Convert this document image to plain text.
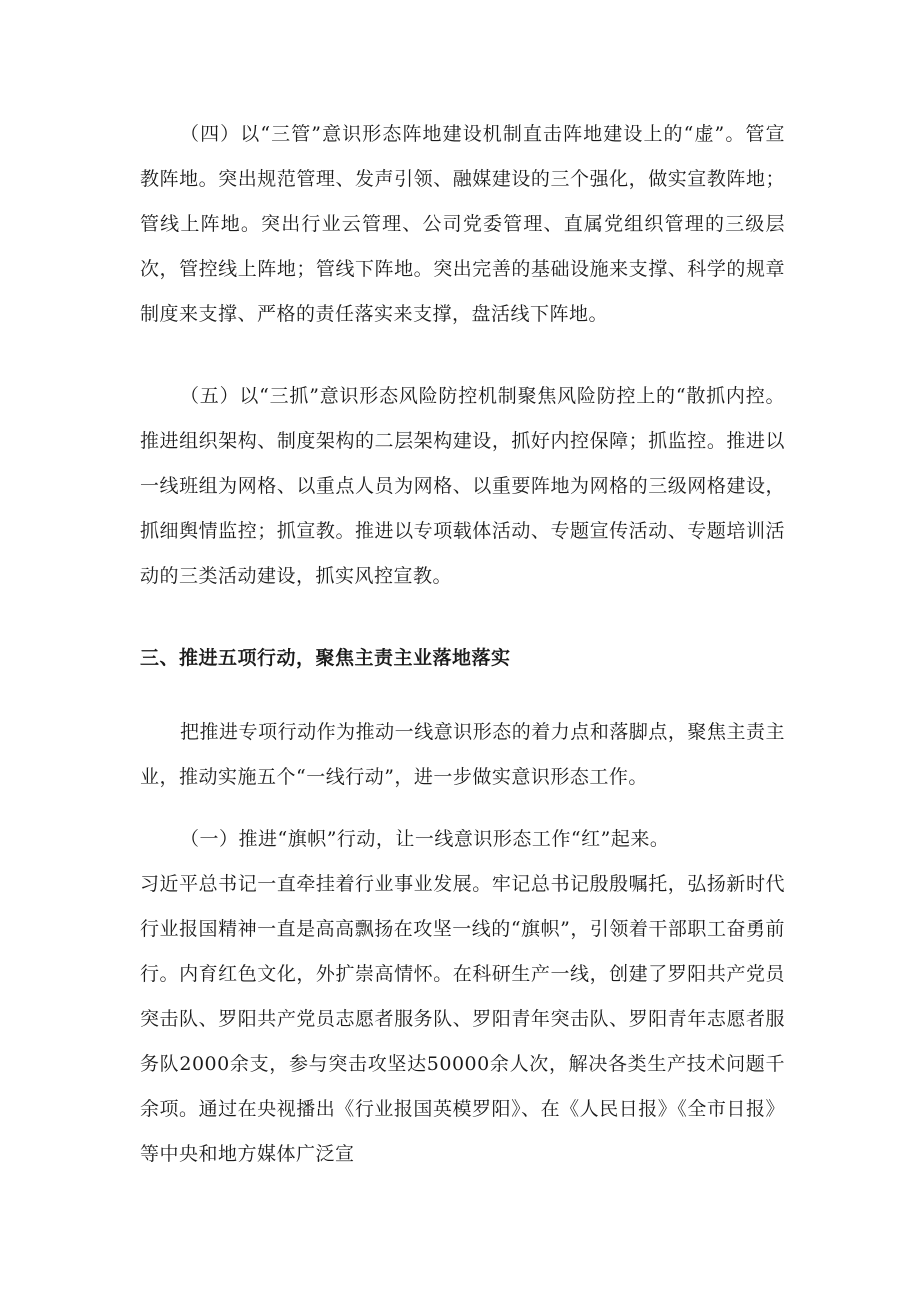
（四）以“三管”意识形态阵地建设机制直击阵地建设上的“虚”。管宣教阵地。突出规范管理、发声引领、融媒建设的三个强化，做实宣教阵地；管线上阵地。突出行业云管理、公司党委管理、直属党组织管理的三级层次，管控线上阵地；管线下阵地。突出完善的基础设施来支撑、科学的规章制度来支撑、严格的责任落实来支撑，盘活线下阵地。

（五）以“三抓”意识形态风险防控机制聚焦风险防控上的“散抓内控。推进组织架构、制度架构的二层架构建设，抓好内控保障；抓监控。推进以一线班组为网格、以重点人员为网格、以重要阵地为网格的三级网格建设，抓细舆情监控；抓宣教。推进以专项载体活动、专题宣传活动、专题培训活动的三类活动建设，抓实风控宣教。

三、推进五项行动，聚焦主责主业落地落实

把推进专项行动作为推动一线意识形态的着力点和落脚点，聚焦主责主业，推动实施五个“一线行动”，进一步做实意识形态工作。

（一）推进“旗帜”行动，让一线意识形态工作“红”起来。

习近平总书记一直牵挂着行业事业发展。牢记总书记殷殷嘱托，弘扬新时代行业报国精神一直是高高飘扬在攻坚一线的“旗帜”，引领着干部职工奋勇前行。内育红色文化，外扩崇高情怀。在科研生产一线，创建了罗阳共产党员突击队、罗阳共产党员志愿者服务队、罗阳青年突击队、罗阳青年志愿者服务队2000余支，参与突击攻坚达50000余人次，解决各类生产技术问题千余项。通过在央视播出《行业报国英模罗阳》、在《人民日报》《全市日报》等中央和地方媒体广泛宣
